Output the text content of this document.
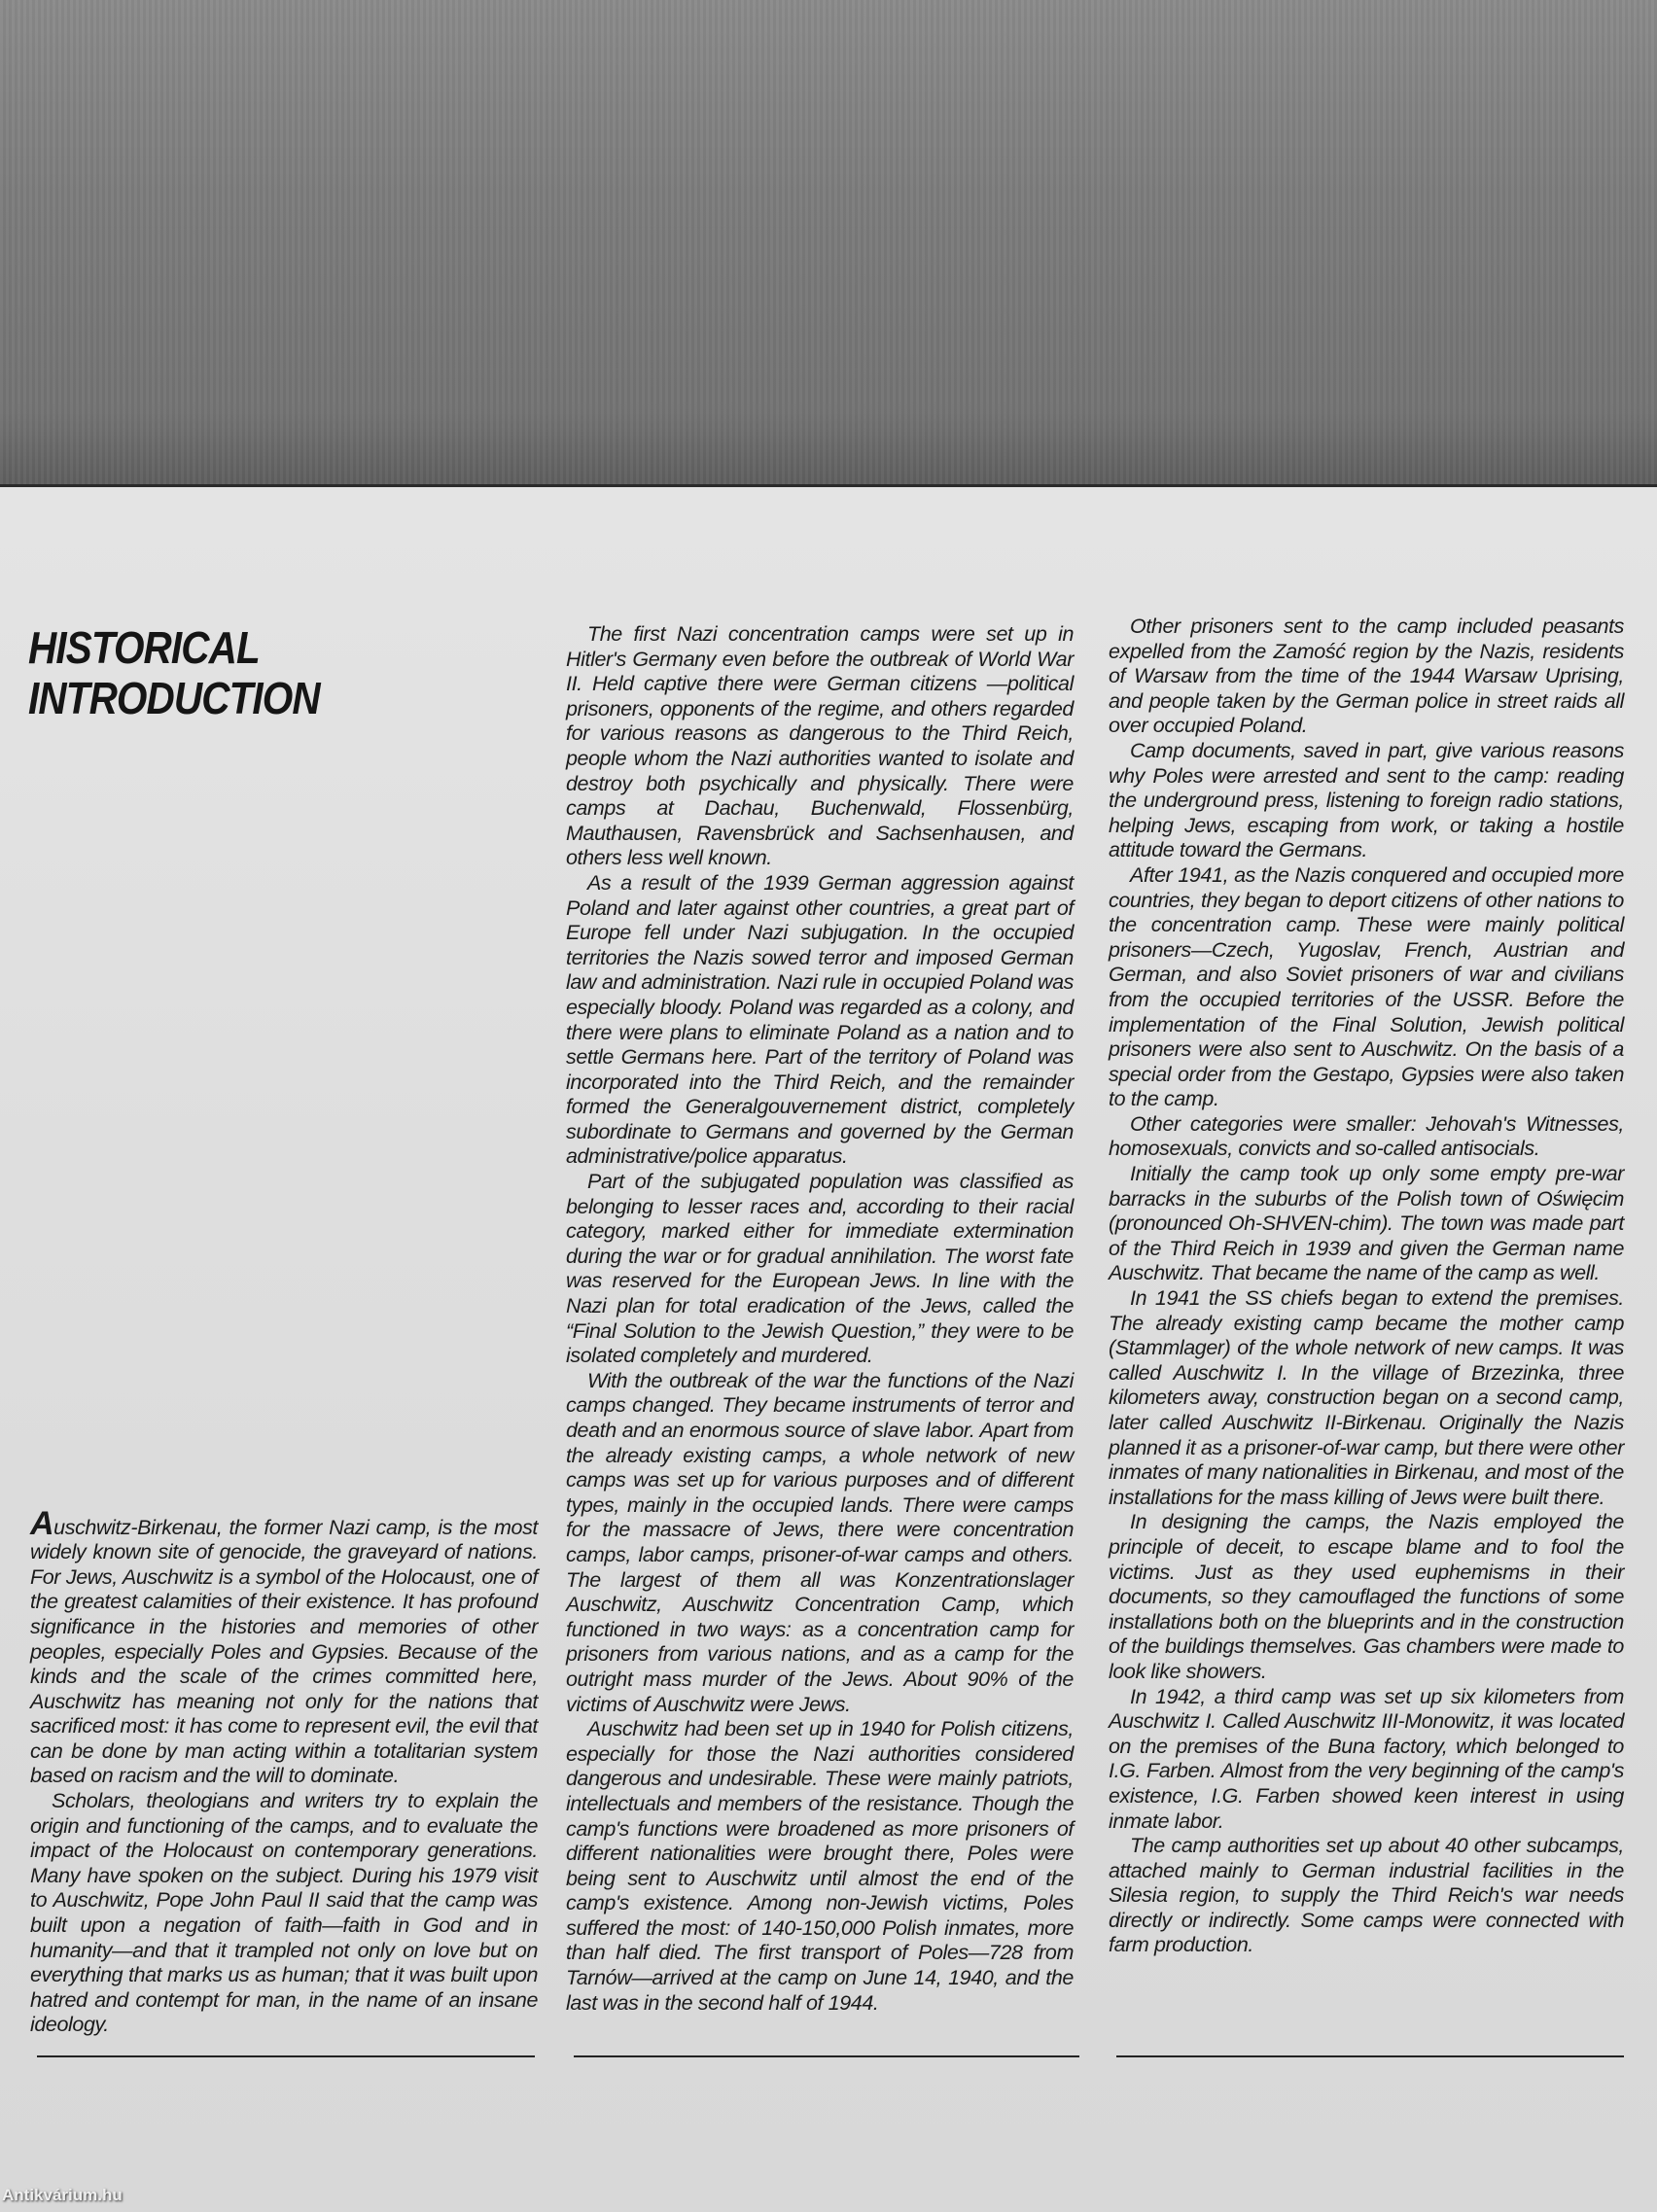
HISTORICAL
INTRODUCTION

Auschwitz-Birkenau, the former Nazi camp, is the most widely known site of genocide, the graveyard of nations. For Jews, Auschwitz is a symbol of the Holocaust, one of the greatest calamities of their existence. It has profound significance in the histories and memories of other peoples, especially Poles and Gypsies. Because of the kinds and the scale of the crimes committed here, Auschwitz has meaning not only for the nations that sacrificed most: it has come to represent evil, the evil that can be done by man acting within a totalitarian system based on racism and the will to dominate.

Scholars, theologians and writers try to explain the origin and functioning of the camps, and to evaluate the impact of the Holocaust on contemporary generations. Many have spoken on the subject. During his 1979 visit to Auschwitz, Pope John Paul II said that the camp was built upon a negation of faith—faith in God and in humanity—and that it trampled not only on love but on everything that marks us as human; that it was built upon hatred and contempt for man, in the name of an insane ideology.

The first Nazi concentration camps were set up in Hitler's Germany even before the outbreak of World War II. Held captive there were German citizens —political prisoners, opponents of the regime, and others regarded for various reasons as dangerous to the Third Reich, people whom the Nazi authorities wanted to isolate and destroy both psychically and physically. There were camps at Dachau, Buchenwald, Flossenbürg, Mauthausen, Ravensbrück and Sachsenhausen, and others less well known.

As a result of the 1939 German aggression against Poland and later against other countries, a great part of Europe fell under Nazi subjugation. In the occupied territories the Nazis sowed terror and imposed German law and administration. Nazi rule in occupied Poland was especially bloody. Poland was regarded as a colony, and there were plans to eliminate Poland as a nation and to settle Germans here. Part of the territory of Poland was incorporated into the Third Reich, and the remainder formed the Generalgouvernement district, completely subordinate to Germans and governed by the German administrative/police apparatus.

Part of the subjugated population was classified as belonging to lesser races and, according to their racial category, marked either for immediate extermination during the war or for gradual annihilation. The worst fate was reserved for the European Jews. In line with the Nazi plan for total eradication of the Jews, called the “Final Solution to the Jewish Question,” they were to be isolated completely and murdered.

With the outbreak of the war the functions of the Nazi camps changed. They became instruments of terror and death and an enormous source of slave labor. Apart from the already existing camps, a whole network of new camps was set up for various purposes and of different types, mainly in the occupied lands. There were camps for the massacre of Jews, there were concentration camps, labor camps, prisoner-of-war camps and others. The largest of them all was Konzentrationslager Auschwitz, Auschwitz Concentration Camp, which functioned in two ways: as a concentration camp for prisoners from various nations, and as a camp for the outright mass murder of the Jews. About 90% of the victims of Auschwitz were Jews.

Auschwitz had been set up in 1940 for Polish citizens, especially for those the Nazi authorities considered dangerous and undesirable. These were mainly patriots, intellectuals and members of the resistance. Though the camp's functions were broadened as more prisoners of different nationalities were brought there, Poles were being sent to Auschwitz until almost the end of the camp's existence. Among non-Jewish victims, Poles suffered the most: of 140-150,000 Polish inmates, more than half died. The first transport of Poles—728 from Tarnów—arrived at the camp on June 14, 1940, and the last was in the second half of 1944.

Other prisoners sent to the camp included peasants expelled from the Zamość region by the Nazis, residents of Warsaw from the time of the 1944 Warsaw Uprising, and people taken by the German police in street raids all over occupied Poland.

Camp documents, saved in part, give various reasons why Poles were arrested and sent to the camp: reading the underground press, listening to foreign radio stations, helping Jews, escaping from work, or taking a hostile attitude toward the Germans.

After 1941, as the Nazis conquered and occupied more countries, they began to deport citizens of other nations to the concentration camp. These were mainly political prisoners—Czech, Yugoslav, French, Austrian and German, and also Soviet prisoners of war and civilians from the occupied territories of the USSR. Before the implementation of the Final Solution, Jewish political prisoners were also sent to Auschwitz. On the basis of a special order from the Gestapo, Gypsies were also taken to the camp.

Other categories were smaller: Jehovah's Witnesses, homosexuals, convicts and so-called antisocials.

Initially the camp took up only some empty pre-war barracks in the suburbs of the Polish town of Oświęcim (pronounced Oh-SHVEN-chim). The town was made part of the Third Reich in 1939 and given the German name Auschwitz. That became the name of the camp as well.

In 1941 the SS chiefs began to extend the premises. The already existing camp became the mother camp (Stammlager) of the whole network of new camps. It was called Auschwitz I. In the village of Brzezinka, three kilometers away, construction began on a second camp, later called Auschwitz II-Birkenau. Originally the Nazis planned it as a prisoner-of-war camp, but there were other inmates of many nationalities in Birkenau, and most of the installations for the mass killing of Jews were built there.

In designing the camps, the Nazis employed the principle of deceit, to escape blame and to fool the victims. Just as they used euphemisms in their documents, so they camouflaged the functions of some installations both on the blueprints and in the construction of the buildings themselves. Gas chambers were made to look like showers.

In 1942, a third camp was set up six kilometers from Auschwitz I. Called Auschwitz III-Monowitz, it was located on the premises of the Buna factory, which belonged to I.G. Farben. Almost from the very beginning of the camp's existence, I.G. Farben showed keen interest in using inmate labor.

The camp authorities set up about 40 other subcamps, attached mainly to German industrial facilities in the Silesia region, to supply the Third Reich's war needs directly or indirectly. Some camps were connected with farm production.

Antikvárium.hu
